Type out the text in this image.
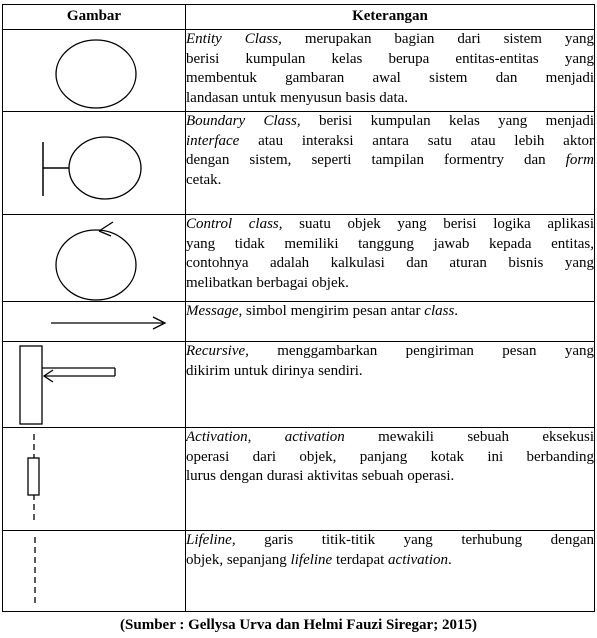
Gambar	Keterangan

Entity Class, merupakan bagian dari sistem yang
berisi kumpulan kelas berupa entitas-entitas yang
membentuk gambaran awal sistem dan menjadi
landasan untuk menyusun basis data.

Boundary Class, berisi kumpulan kelas yang menjadi
interface atau interaksi antara satu atau lebih aktor
dengan sistem, seperti tampilan formentry dan form
cetak.

Control class, suatu objek yang berisi logika aplikasi
yang tidak memiliki tanggung jawab kepada entitas,
contohnya adalah kalkulasi dan aturan bisnis yang
melibatkan berbagai objek.

Message, simbol mengirim pesan antar class.

Recursive, menggambarkan pengiriman pesan yang
dikirim untuk dirinya sendiri.

Activation, activation mewakili sebuah eksekusi
operasi dari objek, panjang kotak ini berbanding
lurus dengan durasi aktivitas sebuah operasi.

Lifeline, garis titik-titik yang terhubung dengan
objek, sepanjang lifeline terdapat activation.
(Sumber : Gellysa Urva dan Helmi Fauzi Siregar; 2015)
